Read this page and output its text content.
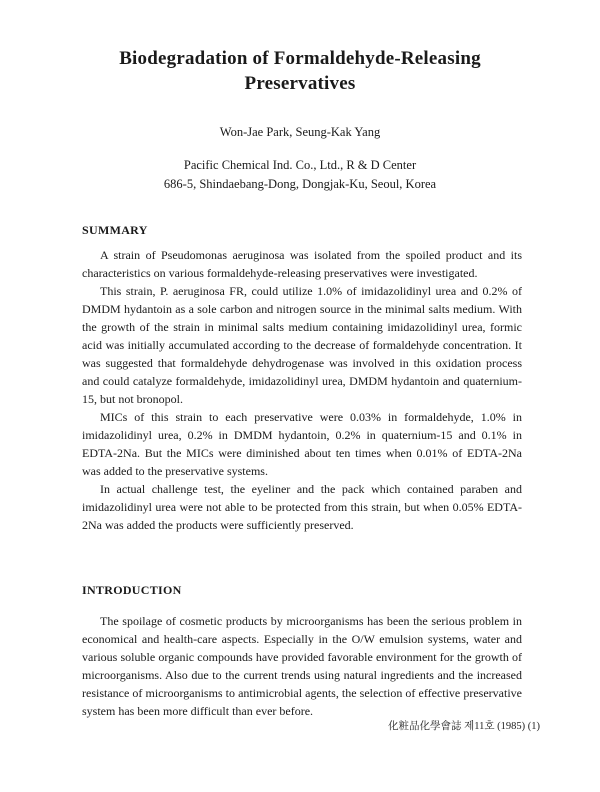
Biodegradation of Formaldehyde-Releasing
Preservatives
Won-Jae Park, Seung-Kak Yang
Pacific Chemical Ind. Co., Ltd., R & D Center
686-5, Shindaebang-Dong, Dongjak-Ku, Seoul, Korea
SUMMARY

A strain of Pseudomonas aeruginosa was isolated from the spoiled product and its characteristics on various formaldehyde-releasing preservatives were investigated.

This strain, P. aeruginosa FR, could utilize 1.0% of imidazolidinyl urea and 0.2% of DMDM hydantoin as a sole carbon and nitrogen source in the minimal salts medium. With the growth of the strain in minimal salts medium containing imidazolidinyl urea, formic acid was initially accumulated according to the decrease of formaldehyde concentration. It was suggested that formaldehyde dehydrogenase was involved in this oxidation process and could catalyze formaldehyde, imidazolidinyl urea, DMDM hydantoin and quaternium-15, but not bronopol.

MICs of this strain to each preservative were 0.03% in formaldehyde, 1.0% in imidazolidinyl urea, 0.2% in DMDM hydantoin, 0.2% in quaternium-15 and 0.1% in EDTA-2Na. But the MICs were diminished about ten times when 0.01% of EDTA-2Na was added to the preservative systems.

In actual challenge test, the eyeliner and the pack which contained paraben and imidazolidinyl urea were not able to be protected from this strain, but when 0.05% EDTA-2Na was added the products were sufficiently preserved.

INTRODUCTION

The spoilage of cosmetic products by microorganisms has been the serious problem in economical and health-care aspects. Especially in the O/W emulsion systems, water and various soluble organic compounds have provided favorable environment for the growth of microorganisms. Also due to the current trends using natural ingredients and the increased resistance of microorganisms to antimicrobial agents, the selection of effective preservative system has been more difficult than ever before.

化粧品化學會誌 제11호 (1985) (1)
